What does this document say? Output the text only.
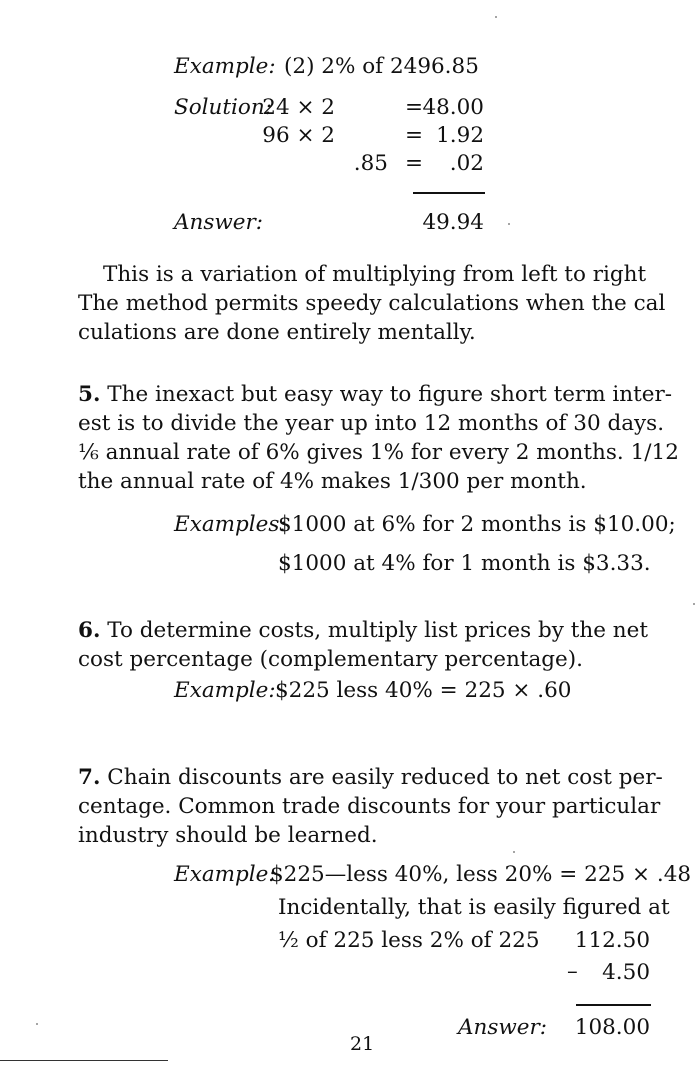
Example: (2) 2% of 2496.85
Solution:
24 × 2	= 48.00
96 × 2	= 1.92
.85 = .02
Answer:	49.94
This is a variation of multiplying from left to right
The method permits speedy calculations when the cal
culations are done entirely mentally.
5. The inexact but easy way to figure short term inter-
est is to divide the year up into 12 months of 30 days.
⅙ annual rate of 6% gives 1% for every 2 months. 1/12
the annual rate of 4% makes 1/300 per month.
Examples:
$1000 at 6% for 2 months is $10.00;
$1000 at 4% for 1 month is $3.33.
6. To determine costs, multiply list prices by the net
cost percentage (complementary percentage).
Example: $225 less 40% = 225 × .60
7. Chain discounts are easily reduced to net cost per-
centage. Common trade discounts for your particular
industry should be learned.
Example:
$225—less 40%, less 20% = 225 × .48
Incidentally, that is easily figured at
½ of 225 less 2% of 225 112.50
– 4.50
Answer: 108.00
21
